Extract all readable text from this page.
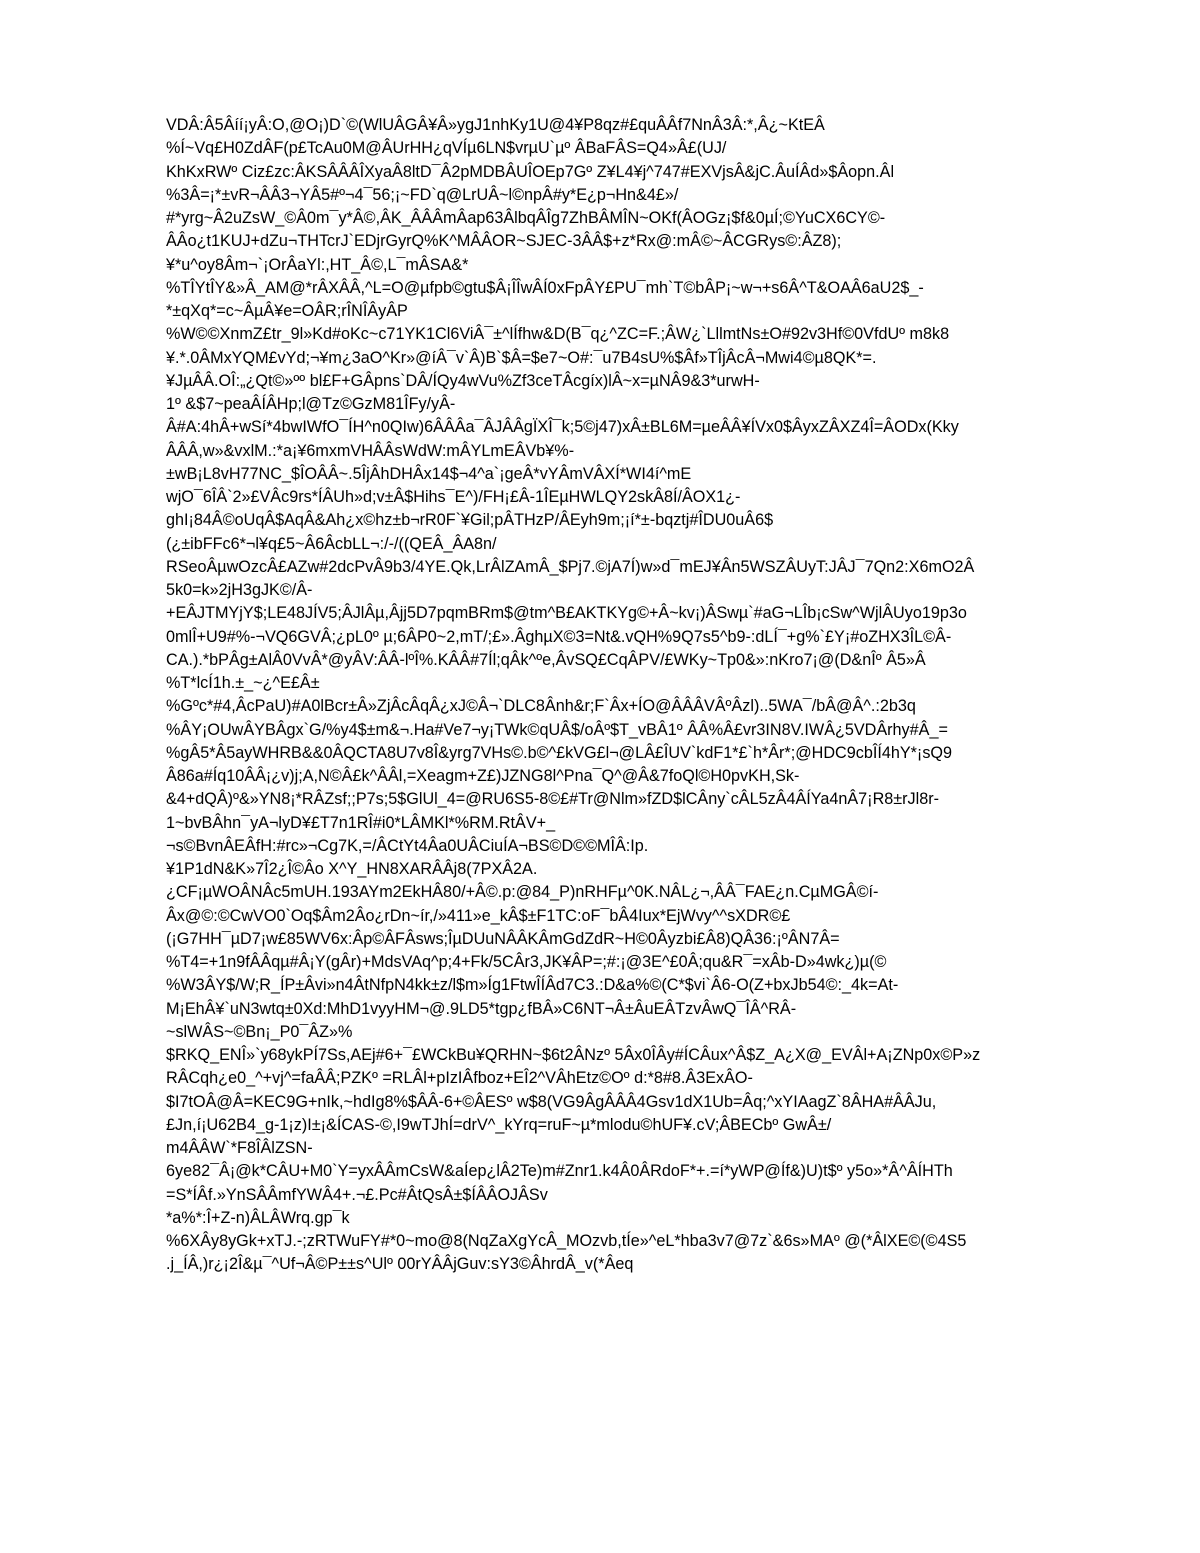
VDÂ:Â5Âíí¡yÂ:O,@O¡)D`©(WlUÂGÂ¥Â»ygJ1nhKy1U@4¥P8qz#£quÂÂf7NnÂ3Â:*,Â¿~KtEÂ
%Í~Vq£H0ZdÂF(p£TcAu0M@ÂUrHH¿qVÍµ6LN$vrµU`µº ÂBaFÂS=Q4»Â£(UJ/
KhKxRWº Ciz£zc:ÂKSÂÂÂÎXyaÂ8ltD¯Â2pMDBÂUÎOEp7Gº Z¥L4¥j^747#EXVjsÂ&jC.ÂuÍÂd»$Âopn.Âl
%3Â=¡*±vR¬ÂÂ3¬YÂ5#º¬4¯56;¡~FD`q@LrUÂ~l©npÂ#y*E¿p¬Hn&4£»/
#*yrg~Â2uZsW_©Â0m¯y*Â©,ÂK_ÂÂÂmÂap63ÂlbqÂÎg7ZhBÂMÎN~OKf(ÂOGz¡$f&0µÍ;©YuCX6CY©-
ÂÂo¿t1KUJ+dZu¬THTcrJ`EDjrGyrQ%K^MÂÂOR~SJEC-3ÂÂ$+z*Rx@:mÂ©~ÂCGRys©:ÂZ8);
¥*u^oy8Âm¬`¡OrÂaYl:,HT_Â©,L¯mÂSA&*
%TÎYtÎY&»Â_AM@*rÂXÂÂ,^L=O@µfpb©gtu$Â¡ÎÎwÂÍ0xFpÂY£PU¯mh`T©bÂP¡~w¬+s6Â^T&OAÂ6aU2$_-
*±qXq*=c~ÂµÂ¥e=OÂR;rÎNÎÂyÂP
%W©©XnmZ£tr_9l»Kd#oKc~c71YK1Cl6ViÂ¯±^lÍfhw&D(B¯q¿^ZC=F.;ÂW¿`LllmtNs±O#92v3Hf©0VfdUº m8k8
¥.*.0ÂMxYQM£vYd;¬¥m¿3aO^Kr»@íÂ¯v`Â)B`$Â=$e7~O#:¯u7B4sU%$Âf»TÎjÂcÂ¬Mwi4©µ8QK*=.
¥JµÂÂ.OÎ:„¿Qt©»ºº bl£F+GÂpns`DÂ/ÍQy4wVu%Zf3ceTÂcgíx)lÂ~x=µNÂ9&3*urwH-
1º &$7~peaÂÍÂHp;l@Tz©GzM81ÎFy/yÂ-
Â#A:4hÂ+wSí*4bwIWfO¯ÍH^n0QIw)6ÂÂÂa¯ÂJÂÂgÏXÎ¯k;5©j47)xÂ±BL6M=µeÂÂ¥ÍVx0$ÂyxZÂXZ4Î=ÂODx(Kky
ÂÂÂ,w»&vxlM.:*a¡¥6mxmVHÂÂsWdW:mÂYLmEÂVb¥%-
±wB¡L8vH77NC_$ÎOÂÂ~.5ÎjÂhDHÂx14$¬4^a`¡geÂ*vYÂmVÂXÍ*WI4í^mE
wjO¯6ÎÂ`2»£VÂc9rs*ÍÂUh»d;v±Â$Hihs¯E^)/FH¡£Â-1ÎEµHWLQY2skÂ8Í/ÂOX1¿-
ghI¡84Â©oUqÂ$AqÂ&Ah¿x©hz±b¬rR0F`¥Gil;pÂTHzP/ÂEyh9m;¡í*±-bqztj#ÎDU0uÂ6$
(¿±ibFFc6*¬l¥q£5~Â6ÂcbLL¬:/-/((QEÂ_ÂA8n/
RSeoÂµwOzcÂ£AZw#2dcPvÂ9b3/4YE.Qk,LrÂlZAmÂ_$Pj7.©jA7Í)w»d¯mEJ¥Ân5WSZÂUyT:JÂJ¯7Qn2:X6mO2Â
5k0=k»2jH3gJK©/Â-
+EÂJTMYjY$;LE48JÍV5;ÂJlÂµ,Âjj5D7pqmBRm$@tm^B£AKTKYg©+Â~kv¡)ÂSwµ`#aG¬LÎb¡cSw^WjlÂUyo19p3o
0mlÎ+U9#%-¬VQ6GVÂ;¿pL0º µ;6ÂP0~2,mT/;£».ÂghµX©3=Nt&.vQH%9Q7s5^b9-:dLÍ¯+g%`£Y¡#oZHX3ÎL©Â-
CA.).*bPÂg±AlÂ0VvÂ*@yÂV:ÂÂ-lºÎ%.KÂÂ#7Íl;qÂk^ºe,ÂvSQ£CqÂPV/£WKy~Tp0&»:nKro7¡@(D&nÎº Â5»Â
%T*lcÍ1h.±_~¿^E£Â±
%Gºc*#4,ÂcPaU)#A0lBcr±Â»ZjÂcÂqÂ¿xJ©Â¬`DLC8Ânh&r;F`Âx+ÍO@ÂÂÂVÂºÂzl)..5WA¯/bÂ@Â^.:2b3q
%ÂY¡OUwÂYBÂgx`G/%y4$±m&¬.Ha#Ve7¬y¡TWk©qUÂ$/oÂº$T_vBÂ1º ÂÂ%Â£vr3IN8V.IWÂ¿5VDÂrhy#Â_=
%gÂ5*Â5ayWHRB&&0ÂQCTA8U7v8Î&yrg7VHs©.b©^£kVG£l¬@LÂ£ÎUV`kdF1*£`h*Âr*;@HDC9cbÎÍ4hY*¡sQ9
Â86a#Íq10ÂÂ¡¿v)j;A,N©Â£k^ÂÂl,=Xeagm+Z£)JZNG8l^Pna¯Q^@Â&7foQl©H0pvKH,Sk-
&4+dQÂ)º&»YN8¡*RÂZsf;;P7s;5$GlUl_4=@RU6S5-8©£#Tr@Nlm»fZD$lCÂny`cÂL5zÂ4ÂÍYa4nÂ7¡R8±rJl8r-
1~bvBÂhn¯yA¬lyD¥£T7n1RÎ#i0*LÂMKl*%RM.RtÂV+_
¬s©BvnÂEÂfH:#rc»¬Cg7K,=/ÂCtYt4Âa0UÂCiuÍA¬BS©D©©MÎÂ:Ip.
¥1P1dN&K»7Î2¿Î©Âo X^Y_HN8XARÂÂj8(7PXÂ2A.
¿CF¡µWOÂNÂc5mUH.193AYm2EkHÂ80/+Â©.p:@84_P)nRHFµ^0K.NÂL¿¬,ÂÂ¯FAE¿n.CµMGÂ©í-
Âx@©:©CwVO0`Oq$Âm2Âo¿rDn~ír,/»411»e_kÂ$±F1TC:oF¯bÂ4Iux*EjWvy^^sXDR©£
(¡G7HH¯µD7¡w£85WV6x:Âp©ÂFÂsws;ÎµDUuNÂÂKÂmGdZdR~H©0Âyzbi£Â8)QÂ36:¡ºÂN7Â=
%T4=+1n9fÂÂqµ#Â¡Y(gÂr)+MdsVAq^p;4+Fk/5CÂr3,JK¥ÂP=;#:¡@3E^£0Â;qu&R¯=xÂb-D»4wk¿)µ(©
%W3ÂY$/W;R_ÍP±Âvi»n4ÂtNfpN4kk±z/l$m»Íg1FtwÎÍÂd7C3.:D&a%©(C*$vi`Â6-O(Z+bxJb54©:_4k=At-
M¡EhÂ¥`uN3wtq±0Xd:MhD1vyyHM¬@.9LD5*tgp¿fBÂ»C6NT¬Â±ÂuEÂTzvÂwQ¯ÎÂ^RÂ-
~slWÂS~©Bn¡_P0¯ÂZ»%
$RKQ_ENÎ»`y68ykPÍ7Ss,AEj#6+¯£WCkBu¥QRHN~$6t2ÂNzº 5Âx0ÎÂy#ÍCÂux^Â$Z_A¿X@_EVÂl+A¡ZNp0x©P»z
RÂCqh¿e0_^+vj^=faÂÂ;PZKº =RLÂl+pIzIÂfboz+EÎ2^VÂhEtz©Oº d:*8#8.Â3ExÂO-
$I7tOÂ@Â=KEC9G+nIk,~hdIg8%$ÂÂ-6+©ÂESº w$8(VG9ÂgÂÂÂ4Gsv1dX1Ub=Âq;^xYIAagZ`8ÂHA#ÂÂJu,
£Jn,í¡U62B4_g-1¡z)I±¡&ÍCAS-©,I9wTJhÍ=drV^_kYrq=ruF~µ*mlodu©hUF¥.cV;ÂBECbº GwÂ±/
m4ÂÂW`*F8ÎÂlZSN-
6ye82¯Â¡@k*CÂU+M0`Y=yxÂÂmCsW&aÍep¿lÂ2Te)m#Znr1.k4Â0ÂRdoF*+.=í*yWP@Íf&)U)t$º y5o»*Â^ÂÍHTh
=S*ÍÂf.»YnSÂÂmfYWÂ4+.¬£.Pc#ÂtQsÂ±$ÍÂÂOJÂSv
*a%*:Î+Z-n)ÂLÂWrq.gp¯k
%6XÂy8yGk+xTJ.-;zRTWuFY#*0~mo@8(NqZaXgYcÂ_MOzvb,tÍe»^eL*hba3v7@7z`&6s»MAº @(*ÂlXE©(©4S5
.j_ÍÂ,)r¿¡2Î&µ¯^Uf¬Â©P±±s^Ulº 00rYÂÂjGuv:sY3©ÂhrdÂ_v(*Âeq
